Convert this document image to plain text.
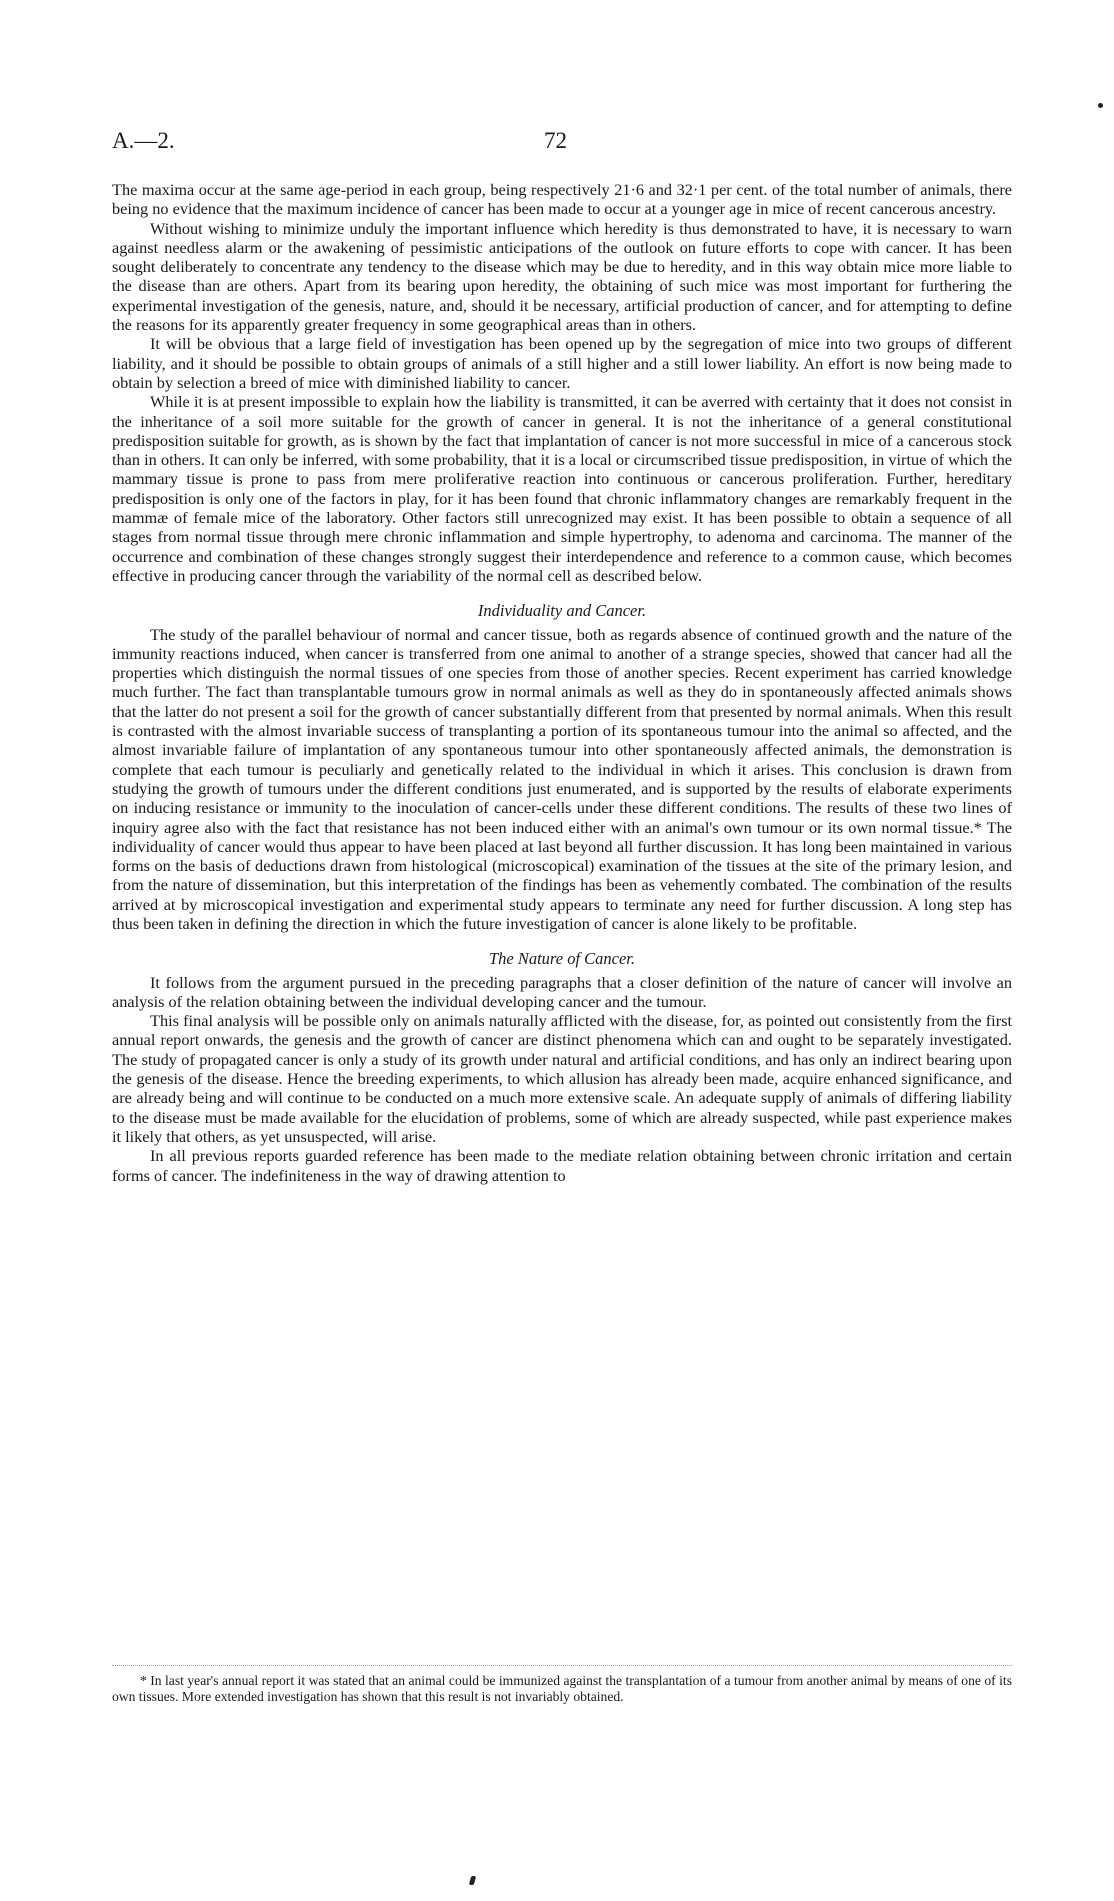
A.—2.	72

The maxima occur at the same age-period in each group, being respectively 21·6 and 32·1 per cent. of the total number of animals, there being no evidence that the maximum incidence of cancer has been made to occur at a younger age in mice of recent cancerous ancestry.

Without wishing to minimize unduly the important influence which heredity is thus demonstrated to have, it is necessary to warn against needless alarm or the awakening of pessimistic anticipations of the outlook on future efforts to cope with cancer. It has been sought deliberately to concentrate any tendency to the disease which may be due to heredity, and in this way obtain mice more liable to the disease than are others. Apart from its bearing upon heredity, the obtaining of such mice was most important for furthering the experimental investigation of the genesis, nature, and, should it be necessary, artificial production of cancer, and for attempting to define the reasons for its apparently greater frequency in some geographical areas than in others.

It will be obvious that a large field of investigation has been opened up by the segregation of mice into two groups of different liability, and it should be possible to obtain groups of animals of a still higher and a still lower liability. An effort is now being made to obtain by selection a breed of mice with diminished liability to cancer.

While it is at present impossible to explain how the liability is transmitted, it can be averred with certainty that it does not consist in the inheritance of a soil more suitable for the growth of cancer in general. It is not the inheritance of a general constitutional predisposition suitable for growth, as is shown by the fact that implantation of cancer is not more successful in mice of a cancerous stock than in others. It can only be inferred, with some probability, that it is a local or circumscribed tissue predisposition, in virtue of which the mammary tissue is prone to pass from mere proliferative reaction into continuous or cancerous proliferation. Further, hereditary predisposition is only one of the factors in play, for it has been found that chronic inflammatory changes are remarkably frequent in the mammæ of female mice of the laboratory. Other factors still unrecognized may exist. It has been possible to obtain a sequence of all stages from normal tissue through mere chronic inflammation and simple hypertrophy, to adenoma and carcinoma. The manner of the occurrence and combination of these changes strongly suggest their interdependence and reference to a common cause, which becomes effective in producing cancer through the variability of the normal cell as described below.

Individuality and Cancer.

The study of the parallel behaviour of normal and cancer tissue, both as regards absence of continued growth and the nature of the immunity reactions induced, when cancer is transferred from one animal to another of a strange species, showed that cancer had all the properties which distinguish the normal tissues of one species from those of another species. Recent experiment has carried knowledge much further. The fact than transplantable tumours grow in normal animals as well as they do in spontaneously affected animals shows that the latter do not present a soil for the growth of cancer substantially different from that presented by normal animals. When this result is contrasted with the almost invariable success of transplanting a portion of its spontaneous tumour into the animal so affected, and the almost invariable failure of implantation of any spontaneous tumour into other spontaneously affected animals, the demonstration is complete that each tumour is peculiarly and genetically related to the individual in which it arises. This conclusion is drawn from studying the growth of tumours under the different conditions just enumerated, and is supported by the results of elaborate experiments on inducing resistance or immunity to the inoculation of cancer-cells under these different conditions. The results of these two lines of inquiry agree also with the fact that resistance has not been induced either with an animal's own tumour or its own normal tissue.* The individuality of cancer would thus appear to have been placed at last beyond all further discussion. It has long been maintained in various forms on the basis of deductions drawn from histological (microscopical) examination of the tissues at the site of the primary lesion, and from the nature of dissemination, but this interpretation of the findings has been as vehemently combated. The combination of the results arrived at by microscopical investigation and experimental study appears to terminate any need for further discussion. A long step has thus been taken in defining the direction in which the future investigation of cancer is alone likely to be profitable.

The Nature of Cancer.

It follows from the argument pursued in the preceding paragraphs that a closer definition of the nature of cancer will involve an analysis of the relation obtaining between the individual developing cancer and the tumour.

This final analysis will be possible only on animals naturally afflicted with the disease, for, as pointed out consistently from the first annual report onwards, the genesis and the growth of cancer are distinct phenomena which can and ought to be separately investigated. The study of propagated cancer is only a study of its growth under natural and artificial conditions, and has only an indirect bearing upon the genesis of the disease. Hence the breeding experiments, to which allusion has already been made, acquire enhanced significance, and are already being and will continue to be conducted on a much more extensive scale. An adequate supply of animals of differing liability to the disease must be made available for the elucidation of problems, some of which are already suspected, while past experience makes it likely that others, as yet unsuspected, will arise.

In all previous reports guarded reference has been made to the mediate relation obtaining between chronic irritation and certain forms of cancer. The indefiniteness in the way of drawing attention to

* In last year's annual report it was stated that an animal could be immunized against the transplantation of a tumour from another animal by means of one of its own tissues. More extended investigation has shown that this result is not invariably obtained.
